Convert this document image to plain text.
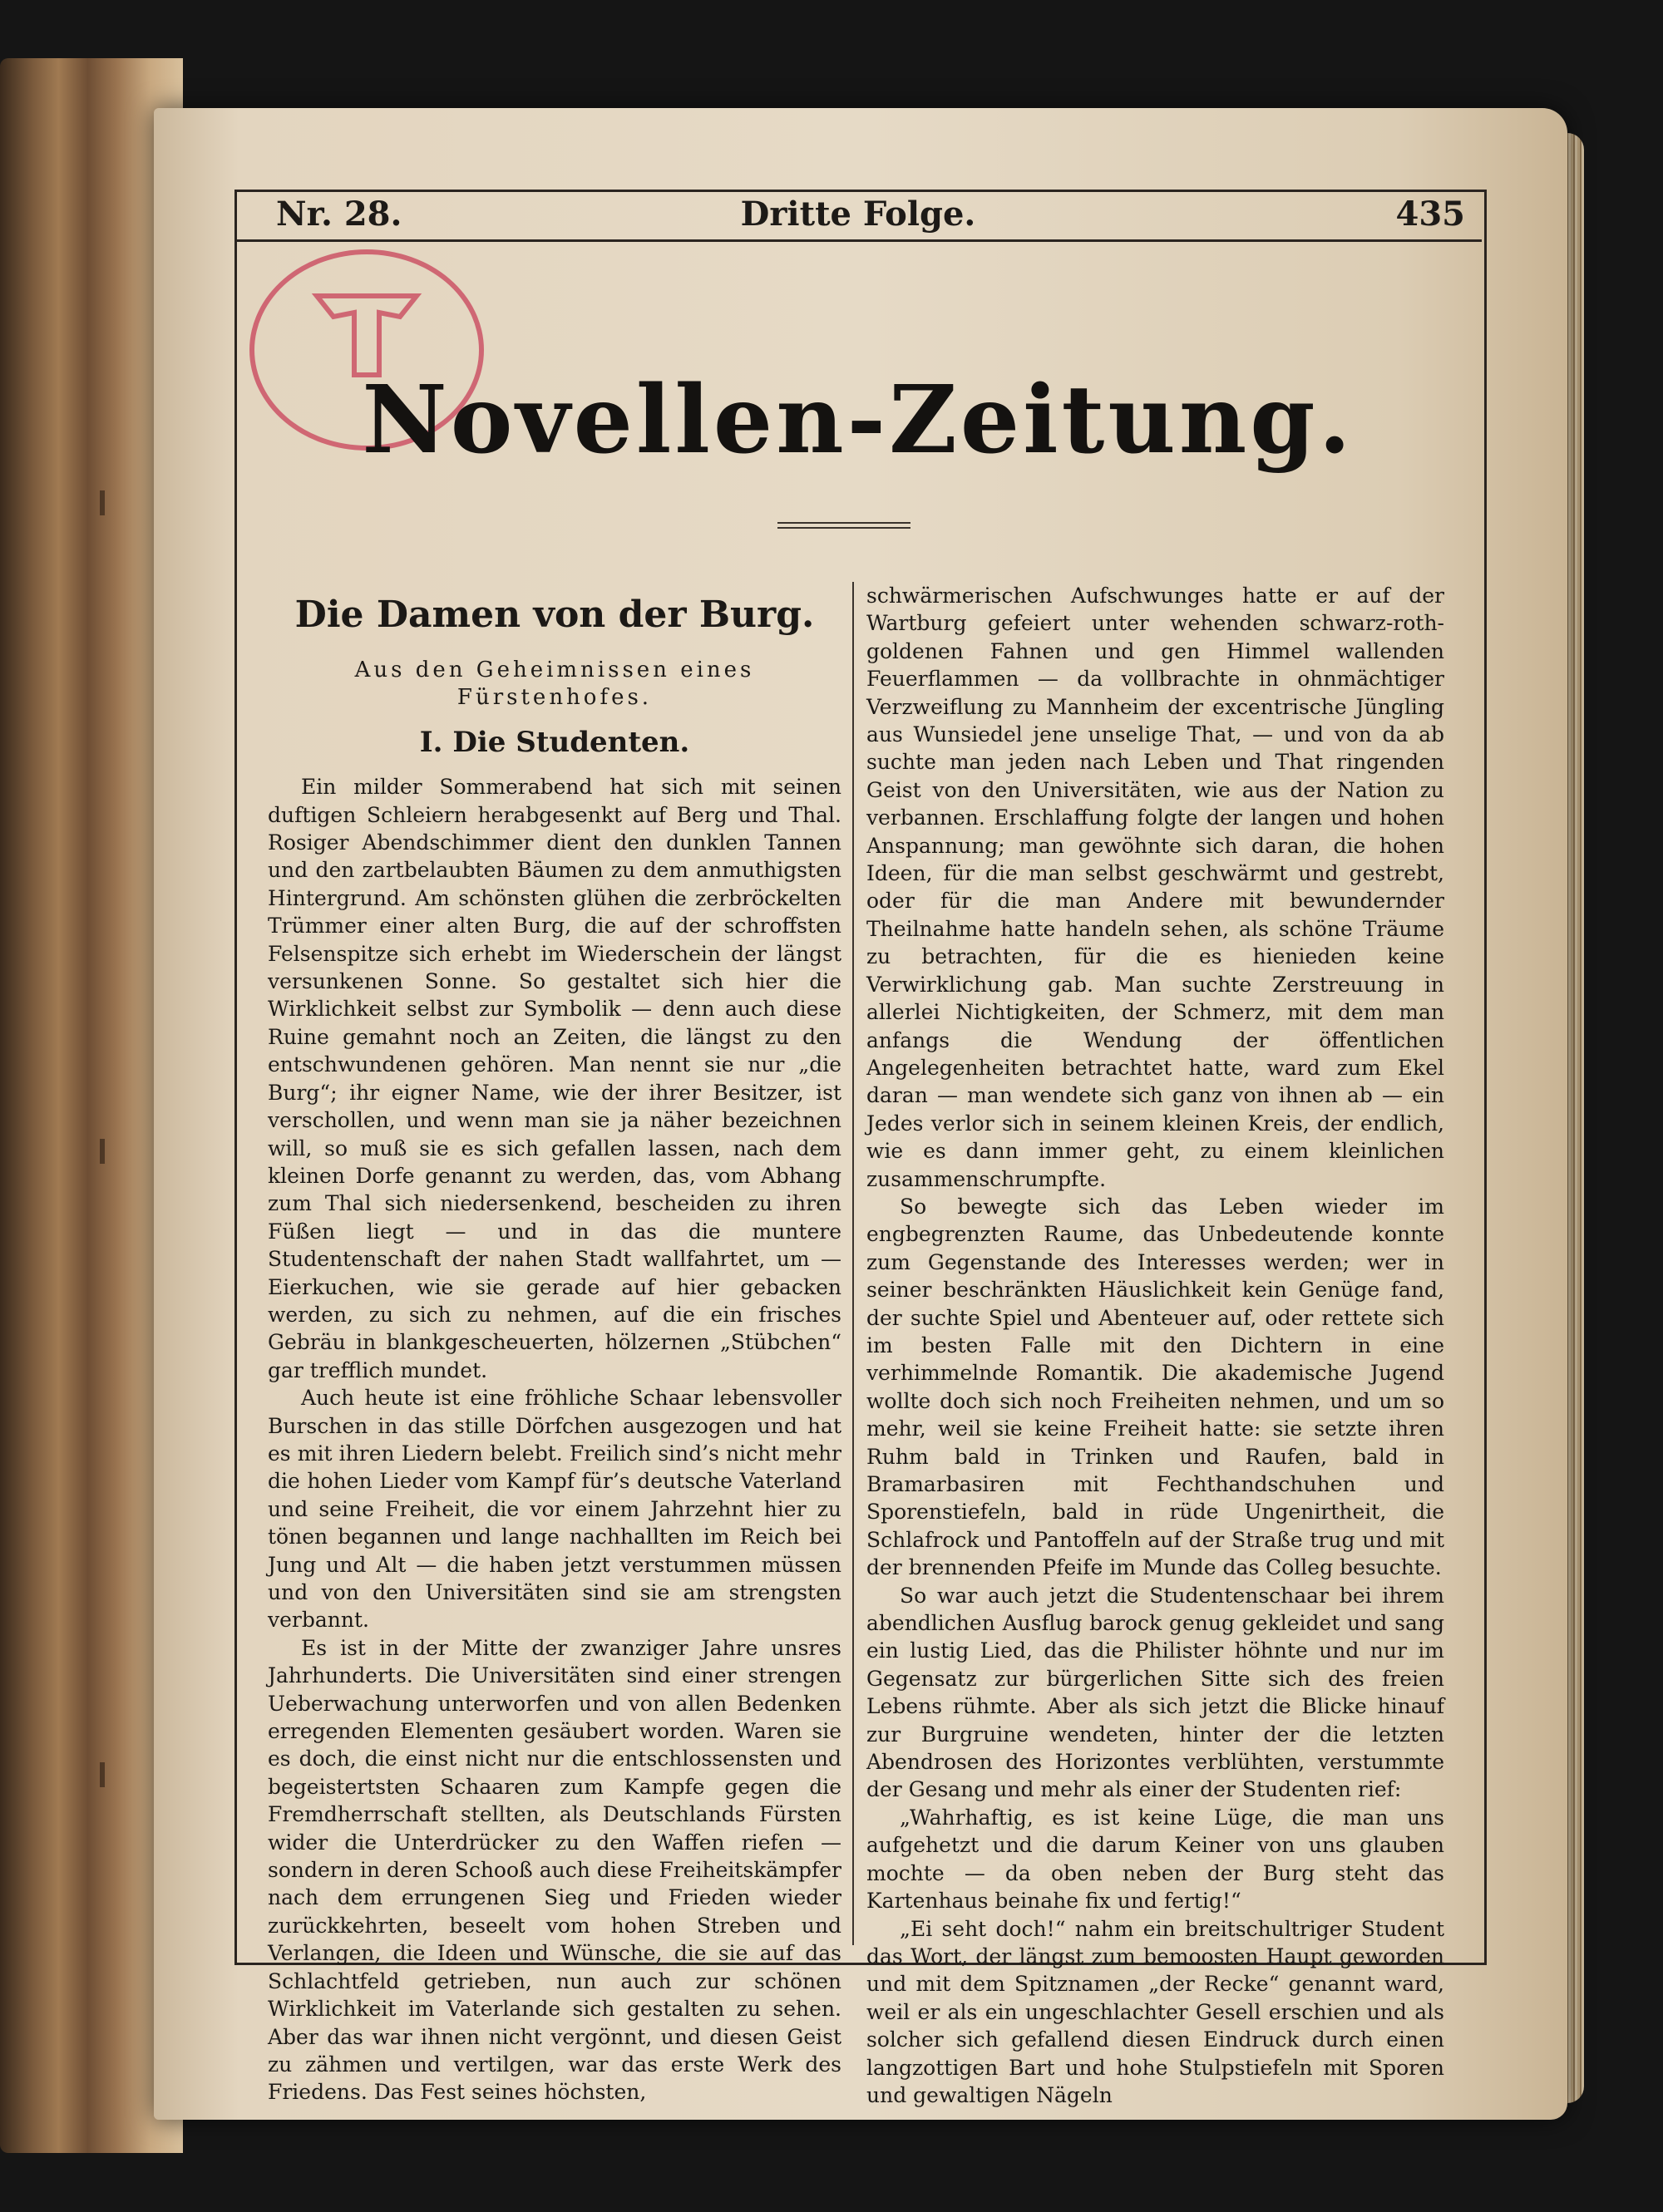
Nr. 28.	Dritte Folge.	435
Novellen-Zeitung.
Die Damen von der Burg.
Aus den Geheimnissen eines Fürstenhofes.
I. Die Studenten.

Ein milder Sommerabend hat sich mit seinen duftigen Schleiern herabgesenkt auf Berg und Thal. Rosiger Abendschimmer dient den dunklen Tannen und den zartbelaubten Bäumen zu dem anmuthigsten Hintergrund. Am schönsten glühen die zerbröckelten Trümmer einer alten Burg, die auf der schroffsten Felsenspitze sich erhebt im Wiederschein der längst versunkenen Sonne. So gestaltet sich hier die Wirklichkeit selbst zur Symbolik — denn auch diese Ruine gemahnt noch an Zeiten, die längst zu den entschwundenen gehören. Man nennt sie nur „die Burg“; ihr eigner Name, wie der ihrer Besitzer, ist verschollen, und wenn man sie ja näher bezeichnen will, so muß sie es sich gefallen lassen, nach dem kleinen Dorfe genannt zu werden, das, vom Abhang zum Thal sich niedersenkend, bescheiden zu ihren Füßen liegt — und in das die muntere Studentenschaft der nahen Stadt wallfahrtet, um — Eierkuchen, wie sie gerade auf hier gebacken werden, zu sich zu nehmen, auf die ein frisches Gebräu in blankgescheuerten, hölzernen „Stübchen“ gar trefflich mundet.

Auch heute ist eine fröhliche Schaar lebensvoller Burschen in das stille Dörfchen ausgezogen und hat es mit ihren Liedern belebt. Freilich sind’s nicht mehr die hohen Lieder vom Kampf für’s deutsche Vaterland und seine Freiheit, die vor einem Jahrzehnt hier zu tönen begannen und lange nachhallten im Reich bei Jung und Alt — die haben jetzt verstummen müssen und von den Universitäten sind sie am strengsten verbannt.

Es ist in der Mitte der zwanziger Jahre unsres Jahrhunderts. Die Universitäten sind einer strengen Ueberwachung unterworfen und von allen Bedenken erregenden Elementen gesäubert worden. Waren sie es doch, die einst nicht nur die entschlossensten und begeistertsten Schaaren zum Kampfe gegen die Fremdherrschaft stellten, als Deutschlands Fürsten wider die Unterdrücker zu den Waffen riefen — sondern in deren Schooß auch diese Freiheitskämpfer nach dem errungenen Sieg und Frieden wieder zurückkehrten, beseelt vom hohen Streben und Verlangen, die Ideen und Wünsche, die sie auf das Schlachtfeld getrieben, nun auch zur schönen Wirklichkeit im Vaterlande sich gestalten zu sehen. Aber das war ihnen nicht vergönnt, und diesen Geist zu zähmen und vertilgen, war das erste Werk des Friedens. Das Fest seines höchsten,

schwärmerischen Aufschwunges hatte er auf der Wartburg gefeiert unter wehenden schwarz-roth-goldenen Fahnen und gen Himmel wallenden Feuerflammen — da vollbrachte in ohnmächtiger Verzweiflung zu Mannheim der excentrische Jüngling aus Wunsiedel jene unselige That, — und von da ab suchte man jeden nach Leben und That ringenden Geist von den Universitäten, wie aus der Nation zu verbannen. Erschlaffung folgte der langen und hohen Anspannung; man gewöhnte sich daran, die hohen Ideen, für die man selbst geschwärmt und gestrebt, oder für die man Andere mit bewundernder Theilnahme hatte handeln sehen, als schöne Träume zu betrachten, für die es hienieden keine Verwirklichung gab. Man suchte Zerstreuung in allerlei Nichtigkeiten, der Schmerz, mit dem man anfangs die Wendung der öffentlichen Angelegenheiten betrachtet hatte, ward zum Ekel daran — man wendete sich ganz von ihnen ab — ein Jedes verlor sich in seinem kleinen Kreis, der endlich, wie es dann immer geht, zu einem kleinlichen zusammenschrumpfte.

So bewegte sich das Leben wieder im engbegrenzten Raume, das Unbedeutende konnte zum Gegenstande des Interesses werden; wer in seiner beschränkten Häuslichkeit kein Genüge fand, der suchte Spiel und Abenteuer auf, oder rettete sich im besten Falle mit den Dichtern in eine verhimmelnde Romantik. Die akademische Jugend wollte doch sich noch Freiheiten nehmen, und um so mehr, weil sie keine Freiheit hatte: sie setzte ihren Ruhm bald in Trinken und Raufen, bald in Bramarbasiren mit Fechthandschuhen und Sporenstiefeln, bald in rüde Ungenirtheit, die Schlafrock und Pantoffeln auf der Straße trug und mit der brennenden Pfeife im Munde das Colleg besuchte.

So war auch jetzt die Studentenschaar bei ihrem abendlichen Ausflug barock genug gekleidet und sang ein lustig Lied, das die Philister höhnte und nur im Gegensatz zur bürgerlichen Sitte sich des freien Lebens rühmte. Aber als sich jetzt die Blicke hinauf zur Burgruine wendeten, hinter der die letzten Abendrosen des Horizontes verblühten, verstummte der Gesang und mehr als einer der Studenten rief:

„Wahrhaftig, es ist keine Lüge, die man uns aufgehetzt und die darum Keiner von uns glauben mochte — da oben neben der Burg steht das Kartenhaus beinahe fix und fertig!“

„Ei seht doch!“ nahm ein breitschultriger Student das Wort, der längst zum bemoosten Haupt geworden und mit dem Spitznamen „der Recke“ genannt ward, weil er als ein ungeschlachter Gesell erschien und als solcher sich gefallend diesen Eindruck durch einen langzottigen Bart und hohe Stulpstiefeln mit Sporen und gewaltigen Nägeln
